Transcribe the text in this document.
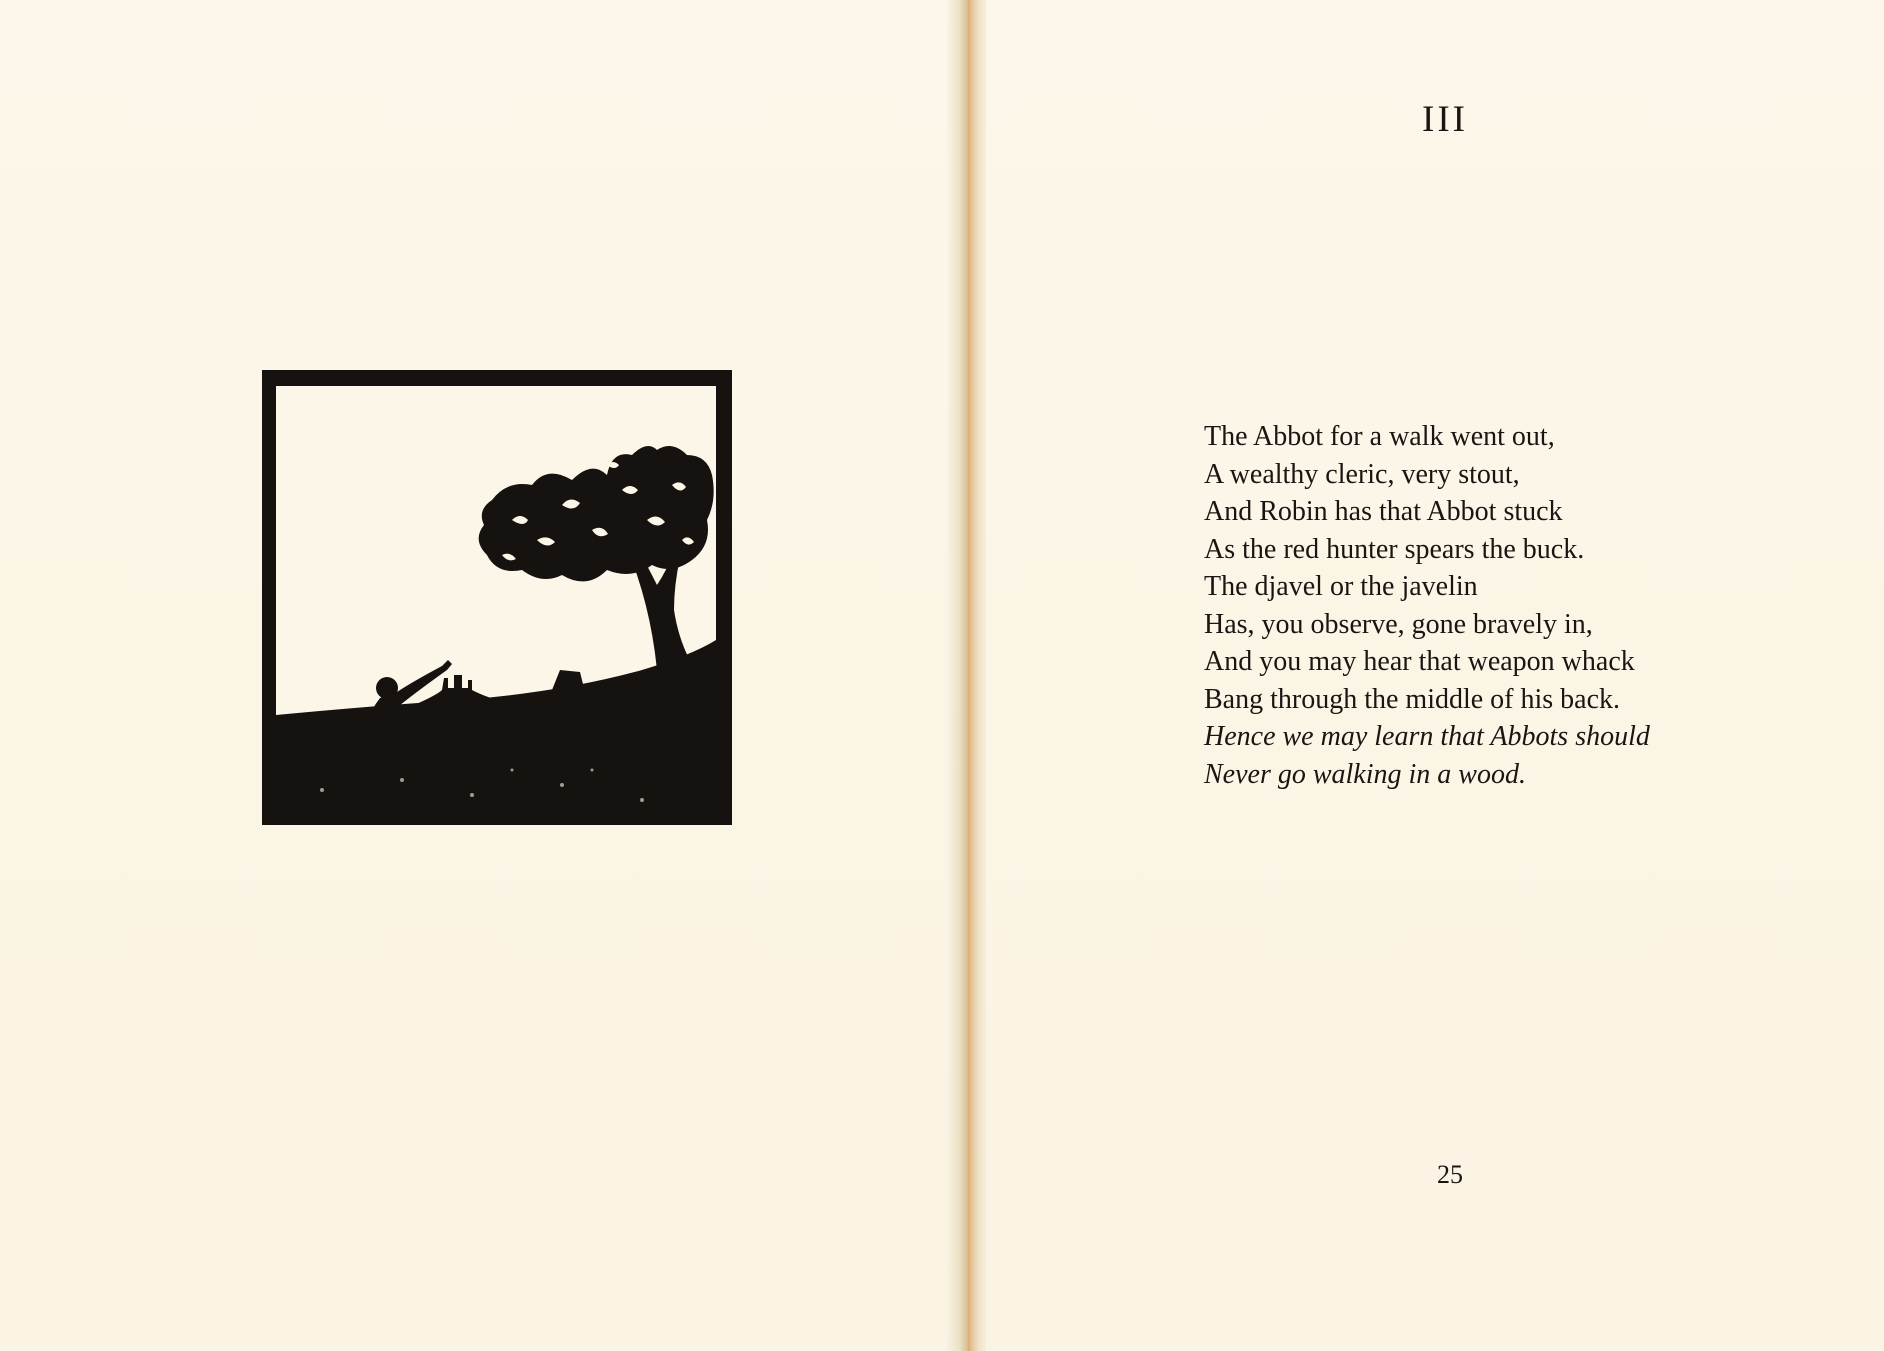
III
The Abbot for a walk went out,
A wealthy cleric, very stout,
And Robin has that Abbot stuck
As the red hunter spears the buck.
The djavel or the javelin
Has, you observe, gone bravely in,
And you may hear that weapon whack
Bang through the middle of his back.
Hence we may learn that Abbots should
Never go walking in a wood.
25
